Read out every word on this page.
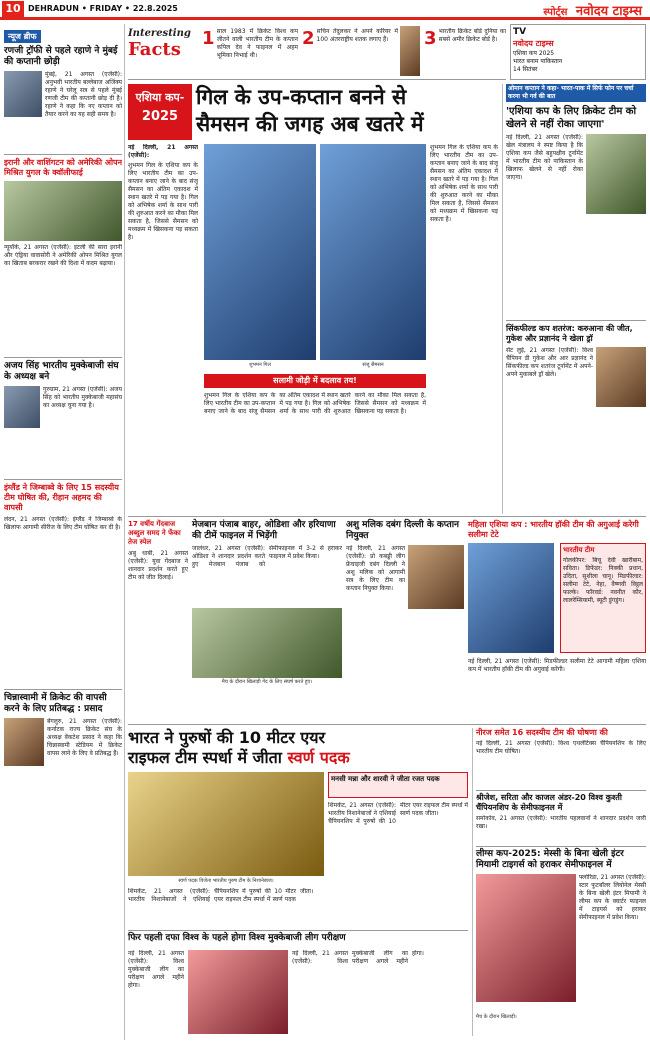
10 DEHRADUN • FRIDAY • 22.8.2025	स्पोर्ट्स नवोदय टाइम्स
न्यूज ब्रीफ
रणजी ट्रॉफी से पहले रहाणे ने मुंबई की कप्तानी छोड़ी
मुंबई, 21 अगस्त (एजेंसी): अनुभवी भारतीय बल्लेबाज अजिंक्य रहाणे ने घरेलू सत्र से पहले मुंबई रणजी टीम की कप्तानी छोड़ दी है। रहाणे ने कहा कि नए कप्तान को तैयार करने का यह सही समय है।
इरानी और वाशिंगटन को अमेरिकी ओपन मिश्रित युगल के क्वॉलीफाई
न्यूयॉर्क, 21 अगस्त (एजेंसी): इटली की सारा इरानी और एंड्रिया वावासोरी ने अमेरिकी ओपन मिश्रित युगल का खिताब बरकरार रखने की दिशा में कदम बढ़ाया।
अजय सिंह भारतीय मुक्केबाजी संघ के अध्यक्ष बने
गुरुग्राम, 21 अगस्त (एजेंसी): अजय सिंह को भारतीय मुक्केबाजी महासंघ का अध्यक्ष चुना गया है।
इंग्लैंड ने जिम्बाब्वे के लिए 15 सदस्यीय टीम घोषित की, रीहान अहमद की वापसी
लंदन, 21 अगस्त (एजेंसी): इंग्लैंड ने जिम्बाब्वे के खिलाफ आगामी सीरीज के लिए टीम घोषित कर दी है।
चिन्नास्वामी में क्रिकेट की वापसी करने के लिए प्रतिबद्ध : प्रसाद
बेंगलुरु, 21 अगस्त (एजेंसी): कर्नाटक राज्य क्रिकेट संघ के अध्यक्ष वेंकटेश प्रसाद ने कहा कि चिन्नास्वामी स्टेडियम में क्रिकेट वापस लाने के लिए वे प्रतिबद्ध हैं।
Interesting
Facts
1 साल 1983 में क्रिकेट विश्व कप जीतने वाली भारतीय टीम के कप्तान कपिल देव ने फाइनल में अहम भूमिका निभाई थी।
2 सचिन तेंदुलकर ने अपने करियर में 100 अंतरराष्ट्रीय शतक लगाए हैं।	3 भारतीय क्रिकेट बोर्ड दुनिया का सबसे अमीर क्रिकेट बोर्ड है।
TV
नवोदय टाइम्स
एशिया कप 2025
भारत बनाम पाकिस्तान
14 सितंबर
एशिया कप-
2025
गिल के उप-कप्तान बनने से
सैमसन की जगह अब खतरे में

नई दिल्ली, 21 अगस्त (एजेंसी):

शुभमन गिल के एशिया कप के लिए भारतीय टीम का उप-कप्तान बनाए जाने के बाद संजू सैमसन का अंतिम एकादश में स्थान खतरे में पड़ गया है। गिल को अभिषेक शर्मा के साथ पारी की शुरुआत करने का मौका मिल सकता है, जिससे सैमसन को मध्यक्रम में खिसकना पड़ सकता है।

शुभमन गिल	संजू सैमसन

शुभमन गिल के एशिया कप के लिए भारतीय टीम का उप-कप्तान बनाए जाने के बाद संजू सैमसन का अंतिम एकादश में स्थान खतरे में पड़ गया है। गिल को अभिषेक शर्मा के साथ पारी की शुरुआत करने का मौका मिल सकता है, जिससे सैमसन को मध्यक्रम में खिसकना पड़ सकता है।

सलामी जोड़ी में बदलाव तय!

शुभमन गिल के एशिया कप के लिए भारतीय टीम का उप-कप्तान बनाए जाने के बाद संजू सैमसन का अंतिम एकादश में स्थान खतरे में पड़ गया है। गिल को अभिषेक शर्मा के साथ पारी की शुरुआत करने का मौका मिल सकता है, जिससे सैमसन को मध्यक्रम में खिसकना पड़ सकता है।

ओमान कप्तान ने कहा- भारत-पाक में सिर्फ फोन पर चर्चा करना भी गर्व की बात
'एशिया कप के लिए क्रिकेट टीम को खेलने से नहीं रोका जाएगा'
नई दिल्ली, 21 अगस्त (एजेंसी): खेल मंत्रालय ने स्पष्ट किया है कि एशिया कप जैसे बहुपक्षीय टूर्नामेंट में भारतीय टीम को पाकिस्तान के खिलाफ खेलने से नहीं रोका जाएगा।
सिंकफील्ड कप शतरंज: करुआना की जीत, गुकेश और प्रज्ञानंद ने खेला ड्रॉ
सेंट लुई, 21 अगस्त (एजेंसी): विश्व चैंपियन डी गुकेश और आर प्रज्ञानंद ने सिंकफील्ड कप शतरंज टूर्नामेंट में अपने-अपने मुकाबले ड्रॉ खेले।
17 वर्षीय गेंदबाज अब्दुल समद ने फेंका तेज स्पेल
अबु धाबी, 21 अगस्त (एजेंसी): युवा गेंदबाज ने शानदार प्रदर्शन करते हुए टीम को जीत दिलाई।
मेजबान पंजाब बाहर, ओडिशा और हरियाणा की टीमें फाइनल में भिड़ेंगी
जालंधर, 21 अगस्त (एजेंसी): ओडिशा ने शानदार प्रदर्शन करते हुए मेजबान पंजाब को सेमीफाइनल में 3-2 से हराकर फाइनल में प्रवेश किया।
मैच के दौरान खिलाड़ी गेंद के लिए संघर्ष करते हुए।
अशु मलिक दबंग दिल्ली के कप्तान नियुक्त
नई दिल्ली, 21 अगस्त (एजेंसी): प्रो कबड्डी लीग फ्रेंचाइजी दबंग दिल्ली ने अशु मलिक को आगामी सत्र के लिए टीम का कप्तान नियुक्त किया।
महिला एशिया कप : भारतीय हॉकी टीम की अगुआई करेगी सलीमा टेटे
भारतीय टीम
गोलकीपर: बिचू देवी खारीबाम, सविता। डिफेंडर: निक्की प्रधान, उदिता, सुशीला चानू। मिडफील्डर: सलीमा टेटे, नेहा, वैष्णवी विट्ठल फाल्के। फॉरवर्ड: नवनीत कौर, लालरेम्सियामी, ब्यूटी डुंगडुंग।
नई दिल्ली, 21 अगस्त (एजेंसी): मिडफील्डर सलीमा टेटे आगामी महिला एशिया कप में भारतीय हॉकी टीम की अगुवाई करेंगी।
भारत ने पुरुषों की 10 मीटर एयर
राइफल टीम स्पर्धा में जीता स्वर्ण पदक
स्वर्ण पदक विजेता भारतीय पुरुष टीम के निशानेबाज।
मनसी मन्ना और शारवी ने जीता रजत पदक
शिमकेंट, 21 अगस्त (एजेंसी): भारतीय निशानेबाजों ने एशियाई चैंपियनशिप में पुरुषों की 10 मीटर एयर राइफल टीम स्पर्धा में स्वर्ण पदक जीता।
शिमकेंट, 21 अगस्त (एजेंसी): भारतीय निशानेबाजों ने एशियाई चैंपियनशिप में पुरुषों की 10 मीटर एयर राइफल टीम स्पर्धा में स्वर्ण पदक जीता।
फिर पहली दफा विश्व के पहले होगा विश्व मुक्केबाजी लीग परीक्षण
नई दिल्ली, 21 अगस्त (एजेंसी): विश्व मुक्केबाजी लीग का परीक्षण अगले महीने होगा।
नई दिल्ली, 21 अगस्त (एजेंसी): विश्व मुक्केबाजी लीग का परीक्षण अगले महीने होगा।
नीरज समेत 16 सदस्यीय टीम की घोषणा की
नई दिल्ली, 21 अगस्त (एजेंसी): विश्व एथलेटिक्स चैंपियनशिप के लिए भारतीय टीम घोषित।
श्रीजेश, सरिता और काजल अंडर-20 विश्व कुश्ती चैंपियनशिप के सेमीफाइनल में
समोकोव, 21 अगस्त (एजेंसी): भारतीय पहलवानों ने शानदार प्रदर्शन जारी रखा।
लीग्स कप-2025: मेस्सी के बिना खेली इंटर
मियामी टाइगर्स को हराकर सेमीफाइनल में
फ्लोरिडा, 21 अगस्त (एजेंसी): स्टार फुटबॉलर लियोनेल मेस्सी के बिना खेली इंटर मियामी ने लीग्स कप के क्वार्टर फाइनल में टाइगर्स को हराकर सेमीफाइनल में प्रवेश किया।
मैच के दौरान खिलाड़ी।
